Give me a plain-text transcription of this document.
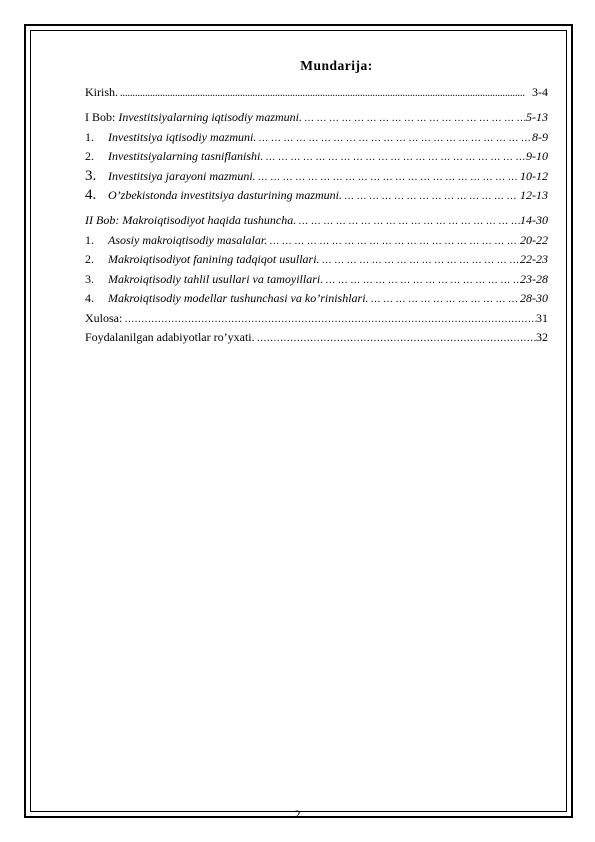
Mundarija:
Kirish. .....	3-4
I Bob: Investitsiyalarning iqtisodiy mazmuni. … … … … … … … … … … … … … … … … … … … … … … … … … … … … … … … … … … … … … … … … … …	5-13
1. Investitsiya iqtisodiy mazmuni. … … … … … … … … … … … … … … … … … … … … … … … … … … … … … … … … … … … … … … … … … …	8-9
2. Investitsiyalarning tasniflanishi. … … … … … … … … … … … … … … … … … … … … … … … … … … … … … … … … … … … … … … … … … …	9-10
3. Investitsiya jarayoni mazmuni. … … … … … … … … … … … … … … … … … … … … … … … … … … … … … … … … … … … … … … … … … …	10-12
4. O’zbekistonda investitsiya dasturining mazmuni. … … … … … … … … … … … … … … … … … … … … … … … … … … … … … … … … … … … … … … … … … …	12-13
II Bob: Makroiqtisodiyot haqida tushuncha. … … … … … … … … … … … … … … … … … … … … … … … … … … … … … … … … … … … … … … … … … …	14-30
1. Asosiy makroiqtisodiy masalalar. … … … … … … … … … … … … … … … … … … … … … … … … … … … … … … … … … … … … … … … … … …	20-22
2. Makroiqtisodiyot fanining tadqiqot usullari. … … … … … … … … … … … … … … … … … … … … … … … … … … … … … … … … … … … … … … … … … …	22-23
3. Makroiqtisodiy tahlil usullari va tamoyillari. … … … … … … … … … … … … … … … … … … … … … … … … … … … … … … … … … … … … … … … … … …	23-28
4. Makroiqtisodiy modellar tushunchasi va ko’rinishlari. … … … … … … … … … … … … … … … … … … … … … … … … … … … … … … … … … … … … … … … … … …	28-30
Xulosa: …………………………………………………………………………………………………………………………………………	31
Foydalanilgan adabiyotlar ro’yxati. …………………………………………………………………………………………………………………………………………	32
2
